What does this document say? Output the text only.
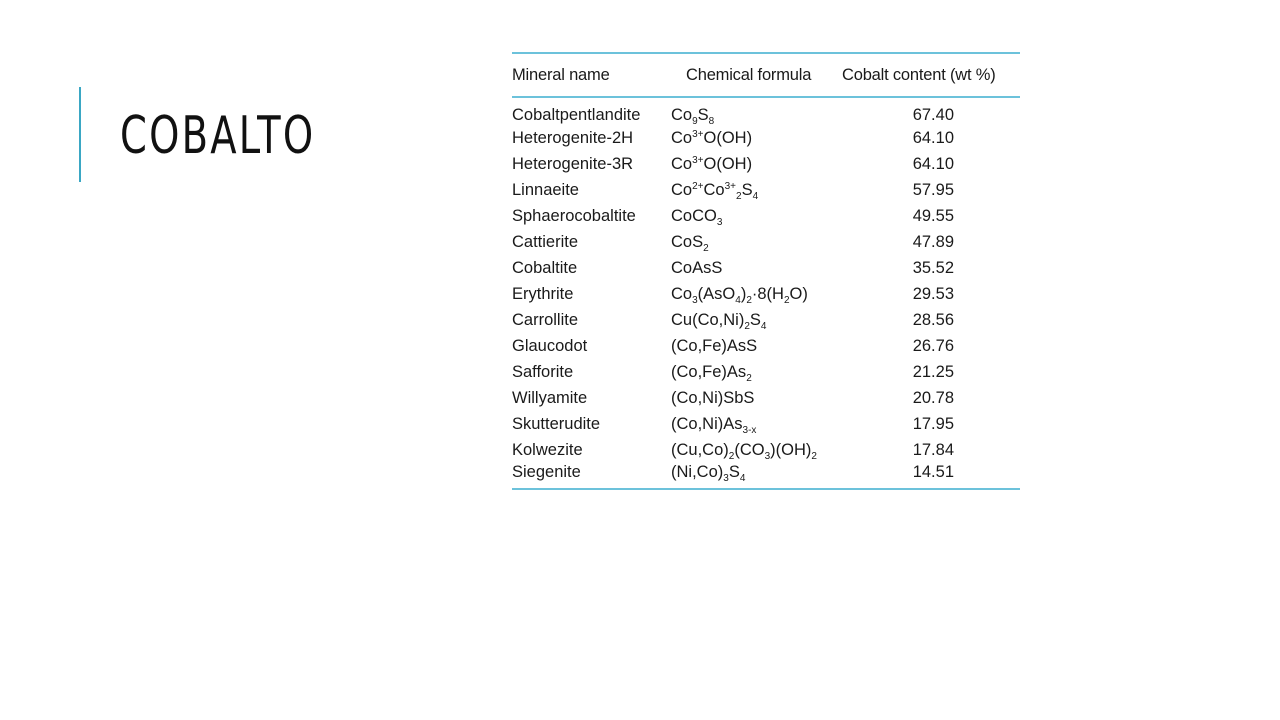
COBALTO
Mineral name	Chemical formula	Cobalt content (wt %)
Cobaltpentlandite	$Co_9S_8$	67.40
Heterogenite-2H	$Co^{3+}O(OH)$	64.10
Heterogenite-3R	$Co^{3+}O(OH)$	64.10
Linnaeite	$Co^{2+}Co^{3+}_2S_4$	57.95
Sphaerocobaltite	CoCO$_3$	49.55
Cattierite	CoS$_2$	47.89
Cobaltite	CoAsS	35.52
Erythrite	$Co_3(AsO_4)_2\cdot 8(H_2O)$	29.53
Carrollite	$Cu(Co,Ni)_2S_4$	28.56
Glaucodot	(Co,Fe)AsS	26.76
Safforite	$(Co,Fe)As_2$	21.25
Willyamite	(Co,Ni)SbS	20.78
Skutterudite	$(Co,Ni)As_{3-x}$	17.95
Kolwezite	$(Cu,Co)_2(CO_3)(OH)_2$	17.84
Siegenite	$(Ni,Co)_3S_4$	14.51
